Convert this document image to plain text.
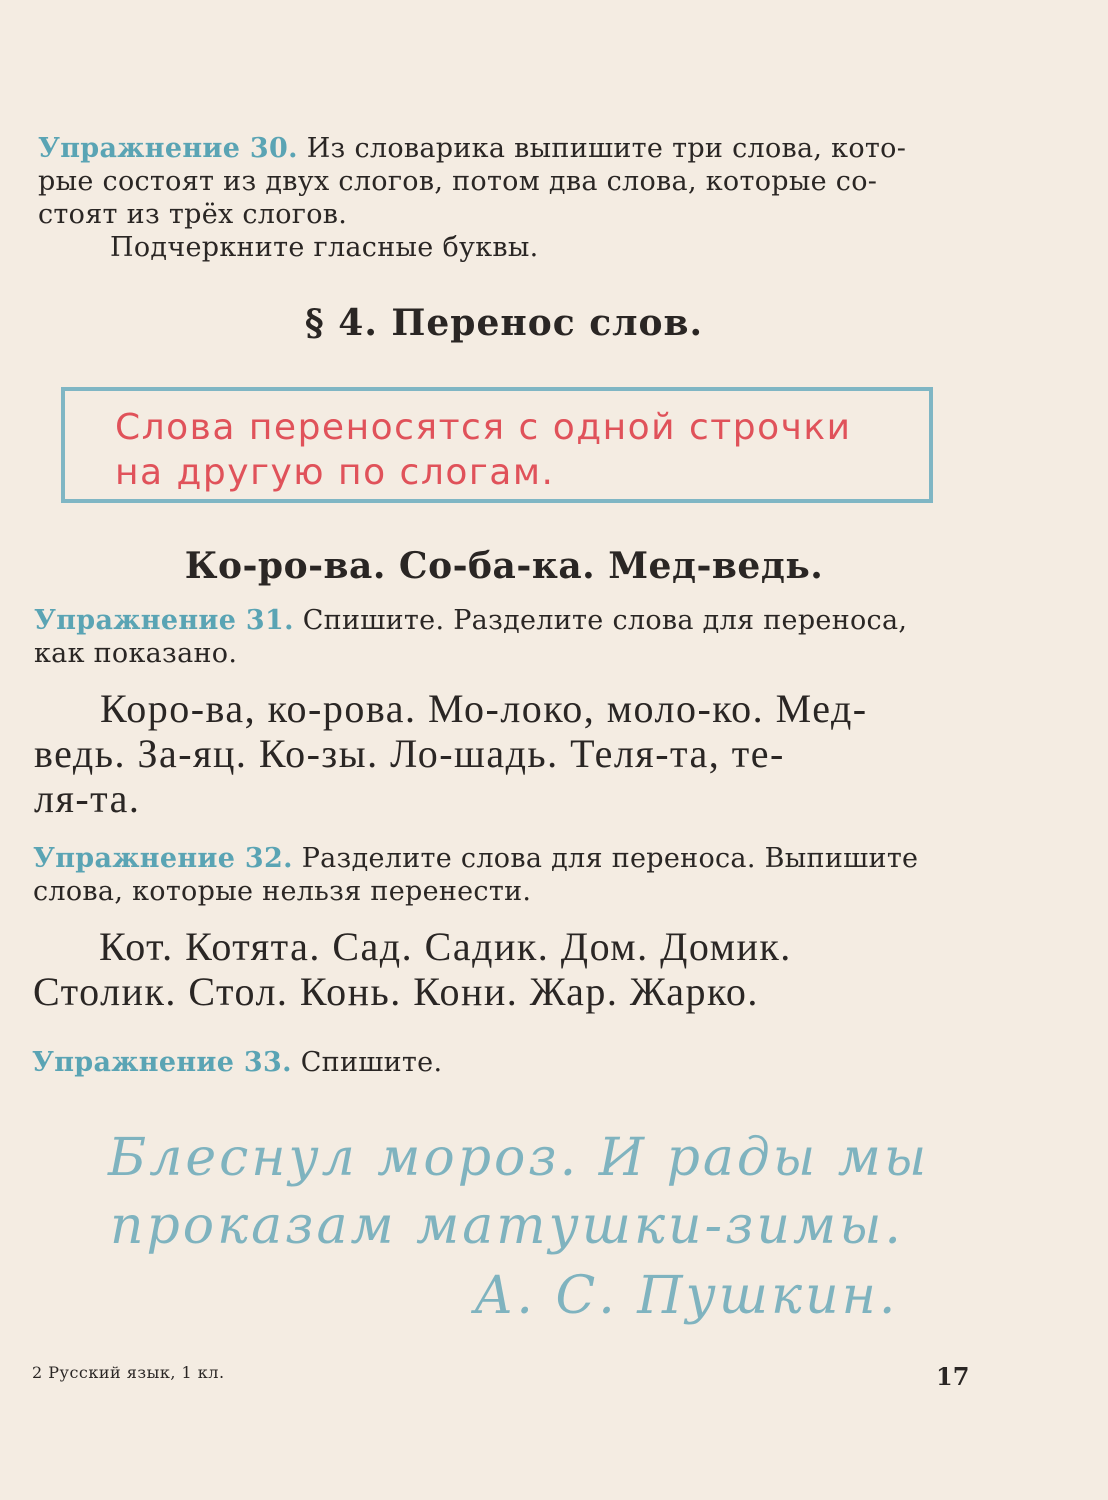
Упражнение 30. Из словарика выпишите три слова, кото-
рые состоят из двух слогов, потом два слова, которые со-
стоят из трёх слогов.
Подчеркните гласные буквы.
§ 4. Перенос слов.
Слова переносятся с одной строчки
на другую по слогам.
Ко-ро-ва. Со-ба-ка. Мед-ведь.
Упражнение 31. Спишите. Разделите слова для переноса,
как показано.
Коро-ва, ко-рова. Мо-локо, моло-ко. Мед-
ведь. За-яц. Ко-зы. Ло-шадь. Теля-та, те-
ля-та.
Упражнение 32. Разделите слова для переноса. Выпишите
слова, которые нельзя перенести.
Кот. Котята. Сад. Садик. Дом. Домик.
Столик. Стол. Конь. Кони. Жар. Жарко.
Упражнение 33. Спишите.
Блеснул мороз. И рады мы
проказам матушки-зимы.
А. С. Пушкин.
2 Русский язык, 1 кл.	17
